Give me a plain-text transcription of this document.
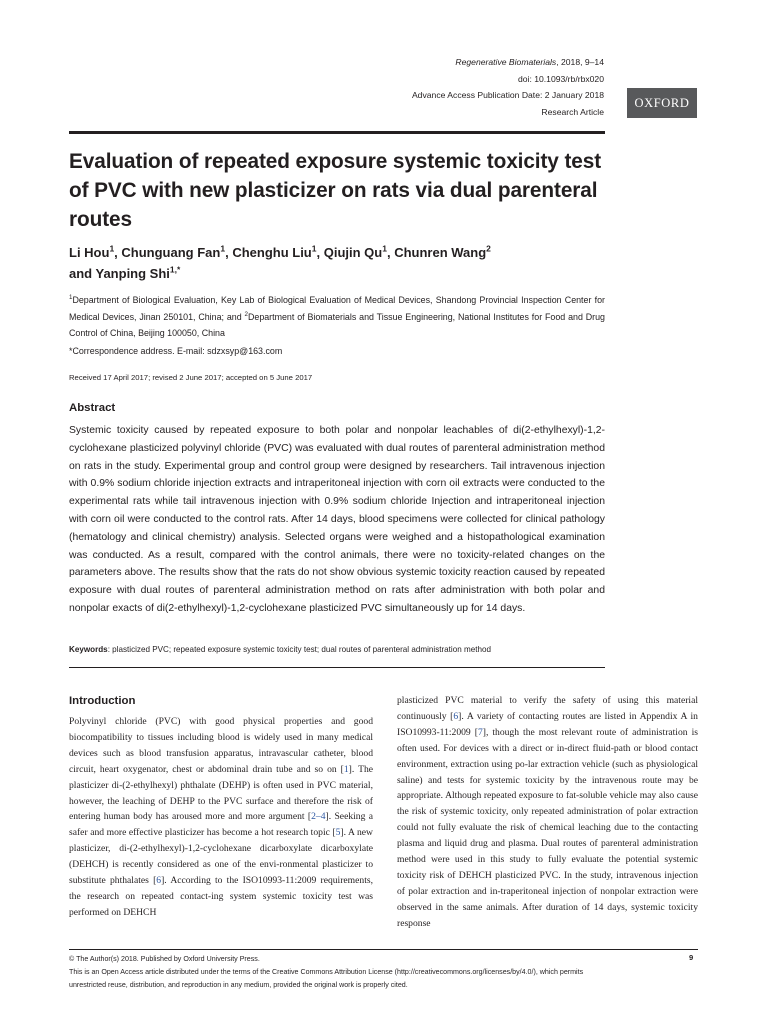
Regenerative Biomaterials, 2018, 9–14
doi: 10.1093/rb/rbx020
Advance Access Publication Date: 2 January 2018
Research Article
OXFORD
Evaluation of repeated exposure systemic toxicity test of PVC with new plasticizer on rats via dual parenteral routes

Li Hou$^1$, Chunguang Fan$^1$, Chenghu Liu$^1$, Qiujin Qu$^1$, Chunren Wang$^2$
and Yanping Shi$^{1,*}$

$^1$Department of Biological Evaluation, Key Lab of Biological Evaluation of Medical Devices, Shandong Provincial Inspection Center for Medical Devices, Jinan 250101, China; and $^2$Department of Biomaterials and Tissue Engineering, National Institutes for Food and Drug Control of China, Beijing 100050, China

*Correspondence address. E-mail: sdzxsyp@163.com

Received 17 April 2017; revised 2 June 2017; accepted on 5 June 2017

Abstract

Systemic toxicity caused by repeated exposure to both polar and nonpolar leachables of di(2-ethylhexyl)-1,2-cyclohexane plasticized polyvinyl chloride (PVC) was evaluated with dual routes of parenteral administration method on rats in the study. Experimental group and control group were designed by researchers. Tail intravenous injection with 0.9% sodium chloride injection extracts and intraperitoneal injection with corn oil extracts were conducted to the experimental rats while tail intravenous injection with 0.9% sodium chloride Injection and intraperitoneal injection with corn oil were conducted to the control rats. After 14 days, blood specimens were collected for clinical pathology (hematology and clinical chemistry) analysis. Selected organs were weighed and a histopathological examination was conducted. As a result, compared with the control animals, there were no toxicity-related changes on the parameters above. The results show that the rats do not show obvious systemic toxicity reaction caused by repeated exposure with dual routes of parenteral administration method on rats after administration with both polar and nonpolar exacts of di(2-ethylhexyl)-1,2-cyclohexane plasticized PVC simultaneously up for 14 days.

Keywords: plasticized PVC; repeated exposure systemic toxicity test; dual routes of parenteral administration method

Introduction

Polyvinyl chloride (PVC) with good physical properties and good biocompatibility to tissues including blood is widely used in many medical devices such as blood transfusion apparatus, intravascular catheter, blood circuit, heart oxygenator, chest or abdominal drain tube and so on [1]. The plasticizer di-(2-ethylhexyl) phthalate (DEHP) is often used in PVC material, however, the leaching of DEHP to the PVC surface and therefore the risk of entering human body has aroused more and more argument [2–4]. Seeking a safer and more effective plasticizer has become a hot research topic [5]. A new plasticizer, di-(2-ethylhexyl)-1,2-cyclohexane dicarboxylate dicarboxylate (DEHCH) is recently considered as one of the envi-ronmental plasticizer to substitute phthalates [6]. According to the ISO10993-11:2009 requirements, the research on repeated contact-ing system systemic toxicity test was performed on DEHCH

plasticized PVC material to verify the safety of using this material continuously [6]. A variety of contacting routes are listed in Appendix A in ISO10993-11:2009 [7], though the most relevant route of administration is often used. For devices with a direct or in-direct fluid-path or blood contact environment, extraction using po-lar extraction vehicle (such as physiological saline) and tests for systemic toxicity by the intravenous route may be appropriate. Although repeated exposure to fat-soluble vehicle may also cause the risk of systemic toxicity, only repeated administration of polar extraction could not fully evaluate the risk of chemical leaching due to the contacting plasma and liquid drug and plasma. Dual routes of parenteral administration method were used in this study to fully evaluate the potential systemic toxicity risk of DEHCH plasticized PVC. In the study, intravenous injection of polar extraction and in-traperitoneal injection of nonpolar extraction were observed in the same animals. After duration of 14 days, systemic toxicity response

© The Author(s) 2018. Published by Oxford University Press.
This is an Open Access article distributed under the terms of the Creative Commons Attribution License (http://creativecommons.org/licenses/by/4.0/), which permits
unrestricted reuse, distribution, and reproduction in any medium, provided the original work is properly cited.

9
